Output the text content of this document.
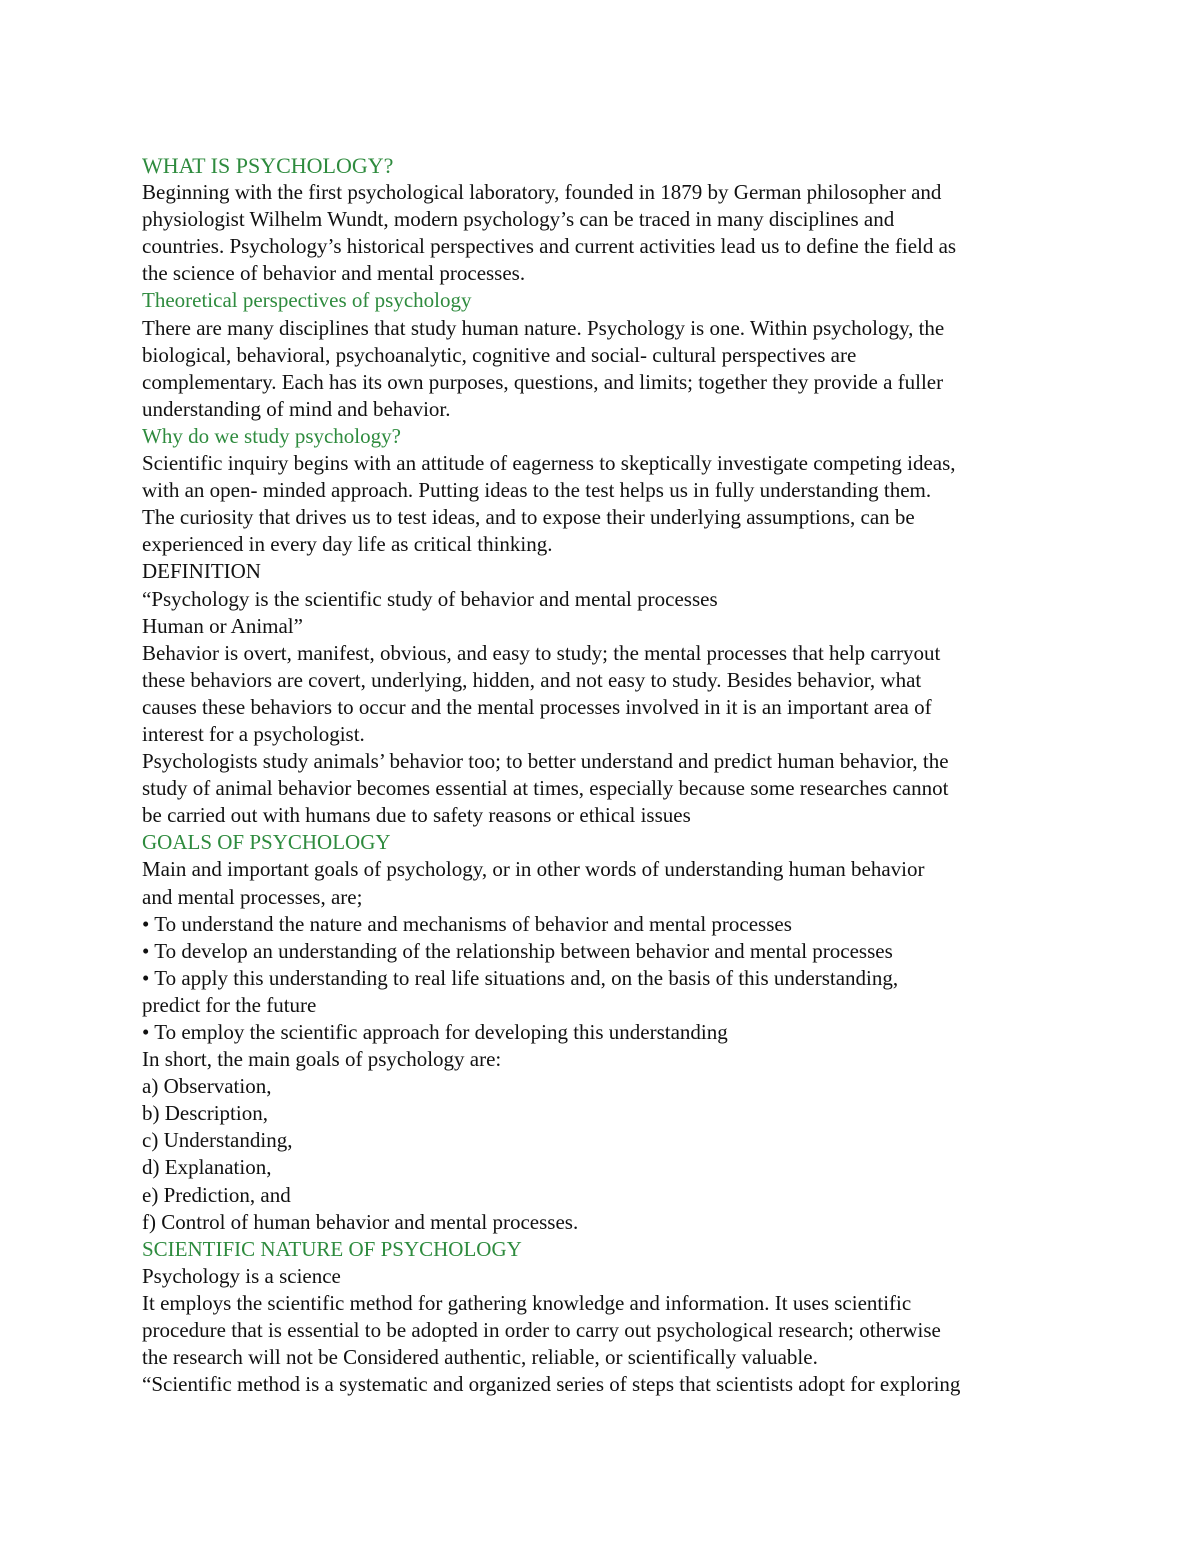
WHAT IS PSYCHOLOGY?
Beginning with the first psychological laboratory, founded in 1879 by German philosopher and
physiologist Wilhelm Wundt, modern psychology’s can be traced in many disciplines and
countries. Psychology’s historical perspectives and current activities lead us to define the field as
the science of behavior and mental processes.
Theoretical perspectives of psychology
There are many disciplines that study human nature. Psychology is one. Within psychology, the
biological, behavioral, psychoanalytic, cognitive and social- cultural perspectives are
complementary. Each has its own purposes, questions, and limits; together they provide a fuller
understanding of mind and behavior.
Why do we study psychology?
Scientific inquiry begins with an attitude of eagerness to skeptically investigate competing ideas,
with an open- minded approach. Putting ideas to the test helps us in fully understanding them.
The curiosity that drives us to test ideas, and to expose their underlying assumptions, can be
experienced in every day life as critical thinking.
DEFINITION
“Psychology is the scientific study of behavior and mental processes
Human or Animal”
Behavior is overt, manifest, obvious, and easy to study; the mental processes that help carryout
these behaviors are covert, underlying, hidden, and not easy to study. Besides behavior, what
causes these behaviors to occur and the mental processes involved in it is an important area of
interest for a psychologist.
Psychologists study animals’ behavior too; to better understand and predict human behavior, the
study of animal behavior becomes essential at times, especially because some researches cannot
be carried out with humans due to safety reasons or ethical issues
GOALS OF PSYCHOLOGY
Main and important goals of psychology, or in other words of understanding human behavior
and mental processes, are;
• To understand the nature and mechanisms of behavior and mental processes
• To develop an understanding of the relationship between behavior and mental processes
• To apply this understanding to real life situations and, on the basis of this understanding,
predict for the future
• To employ the scientific approach for developing this understanding
In short, the main goals of psychology are:
a) Observation,
b) Description,
c) Understanding,
d) Explanation,
e) Prediction, and
f) Control of human behavior and mental processes.
SCIENTIFIC NATURE OF PSYCHOLOGY
Psychology is a science
It employs the scientific method for gathering knowledge and information. It uses scientific
procedure that is essential to be adopted in order to carry out psychological research; otherwise
the research will not be Considered authentic, reliable, or scientifically valuable.
“Scientific method is a systematic and organized series of steps that scientists adopt for exploring
